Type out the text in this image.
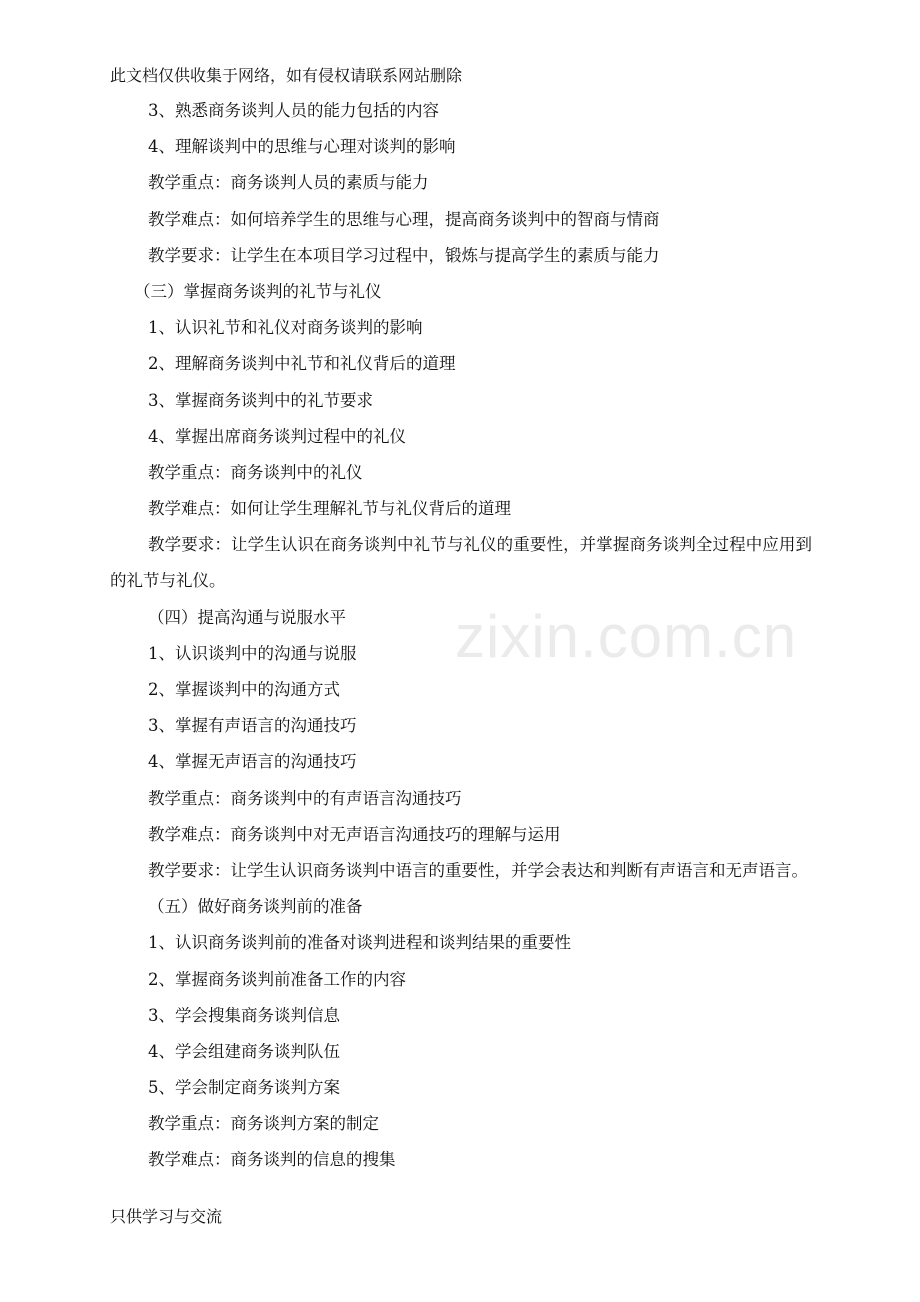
此文档仅供收集于网络，如有侵权请联系网站删除
zixin.com.cn
3、熟悉商务谈判人员的能力包括的内容
4、理解谈判中的思维与心理对谈判的影响
教学重点：商务谈判人员的素质与能力
教学难点：如何培养学生的思维与心理，提高商务谈判中的智商与情商
教学要求：让学生在本项目学习过程中，锻炼与提高学生的素质与能力
（三）掌握商务谈判的礼节与礼仪
1、认识礼节和礼仪对商务谈判的影响
2、理解商务谈判中礼节和礼仪背后的道理
3、掌握商务谈判中的礼节要求
4、掌握出席商务谈判过程中的礼仪
教学重点：商务谈判中的礼仪
教学难点：如何让学生理解礼节与礼仪背后的道理
教学要求：让学生认识在商务谈判中礼节与礼仪的重要性，并掌握商务谈判全过程中应用到的礼节与礼仪。
（四）提高沟通与说服水平
1、认识谈判中的沟通与说服
2、掌握谈判中的沟通方式
3、掌握有声语言的沟通技巧
4、掌握无声语言的沟通技巧
教学重点：商务谈判中的有声语言沟通技巧
教学难点：商务谈判中对无声语言沟通技巧的理解与运用
教学要求：让学生认识商务谈判中语言的重要性，并学会表达和判断有声语言和无声语言。
（五）做好商务谈判前的准备
1、认识商务谈判前的准备对谈判进程和谈判结果的重要性
2、掌握商务谈判前准备工作的内容
3、学会搜集商务谈判信息
4、学会组建商务谈判队伍
5、学会制定商务谈判方案
教学重点：商务谈判方案的制定
教学难点：商务谈判的信息的搜集
只供学习与交流
